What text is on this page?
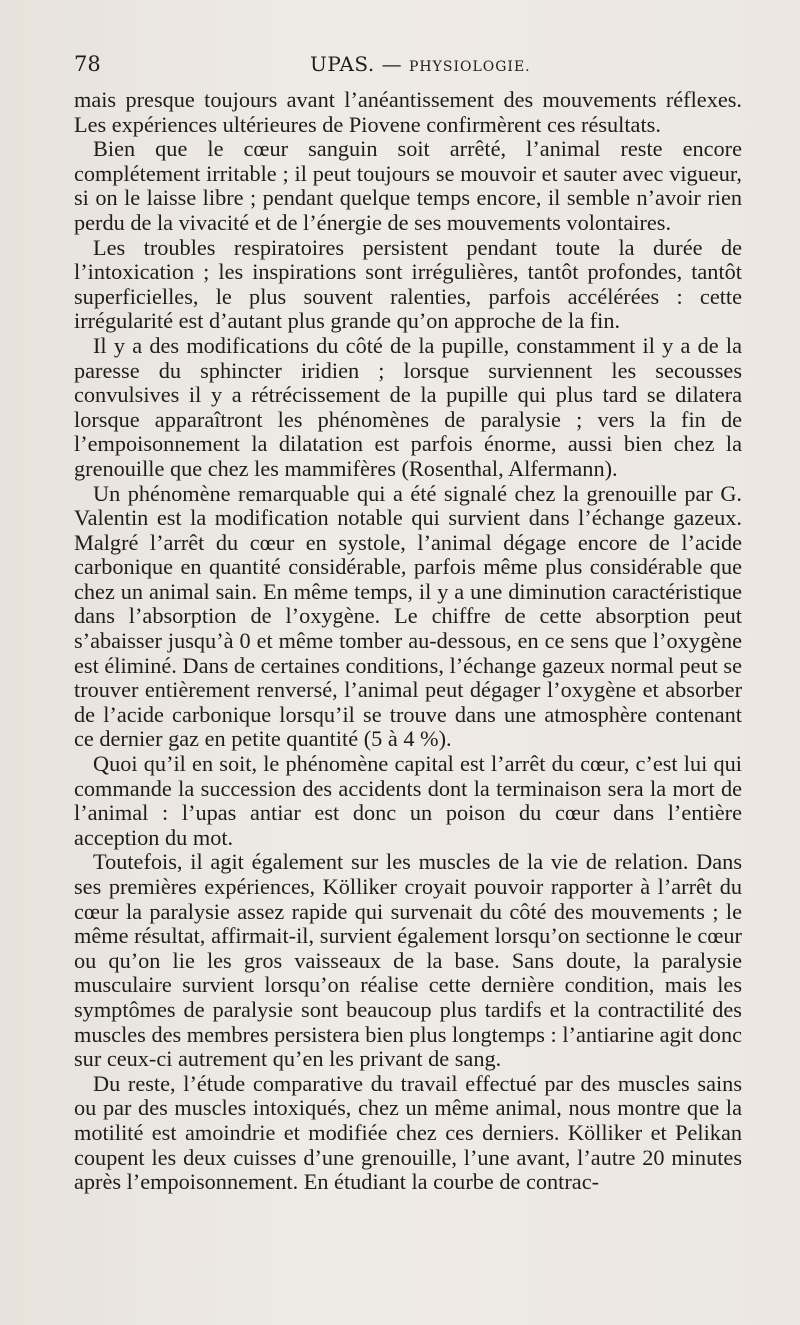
78	UPAS. — PHYSIOLOGIE.

mais presque toujours avant l’anéantissement des mouvements réflexes. Les expériences ultérieures de Piovene confirmèrent ces résultats.

Bien que le cœur sanguin soit arrêté, l’animal reste encore complétement irritable ; il peut toujours se mouvoir et sauter avec vigueur, si on le laisse libre ; pendant quelque temps encore, il semble n’avoir rien perdu de la vivacité et de l’énergie de ses mouvements volontaires.

Les troubles respiratoires persistent pendant toute la durée de l’intoxication ; les inspirations sont irrégulières, tantôt profondes, tantôt superficielles, le plus souvent ralenties, parfois accélérées : cette irrégularité est d’autant plus grande qu’on approche de la fin.

Il y a des modifications du côté de la pupille, constamment il y a de la paresse du sphincter iridien ; lorsque surviennent les secousses convulsives il y a rétrécissement de la pupille qui plus tard se dilatera lorsque apparaîtront les phénomènes de paralysie ; vers la fin de l’empoisonnement la dilatation est parfois énorme, aussi bien chez la grenouille que chez les mammifères (Rosenthal, Alfermann).

Un phénomène remarquable qui a été signalé chez la grenouille par G. Valentin est la modification notable qui survient dans l’échange gazeux. Malgré l’arrêt du cœur en systole, l’animal dégage encore de l’acide carbonique en quantité considérable, parfois même plus considérable que chez un animal sain. En même temps, il y a une diminution caractéristique dans l’absorption de l’oxygène. Le chiffre de cette absorption peut s’abaisser jusqu’à 0 et même tomber au-dessous, en ce sens que l’oxygène est éliminé. Dans de certaines conditions, l’échange gazeux normal peut se trouver entièrement renversé, l’animal peut dégager l’oxygène et absorber de l’acide carbonique lorsqu’il se trouve dans une atmosphère contenant ce dernier gaz en petite quantité (5 à 4 %).

Quoi qu’il en soit, le phénomène capital est l’arrêt du cœur, c’est lui qui commande la succession des accidents dont la terminaison sera la mort de l’animal : l’upas antiar est donc un poison du cœur dans l’entière acception du mot.

Toutefois, il agit également sur les muscles de la vie de relation. Dans ses premières expériences, Kölliker croyait pouvoir rapporter à l’arrêt du cœur la paralysie assez rapide qui survenait du côté des mouvements ; le même résultat, affirmait-il, survient également lorsqu’on sectionne le cœur ou qu’on lie les gros vaisseaux de la base. Sans doute, la paralysie musculaire survient lorsqu’on réalise cette dernière condition, mais les symptômes de paralysie sont beaucoup plus tardifs et la contractilité des muscles des membres persistera bien plus longtemps : l’antiarine agit donc sur ceux-ci autrement qu’en les privant de sang.

Du reste, l’étude comparative du travail effectué par des muscles sains ou par des muscles intoxiqués, chez un même animal, nous montre que la motilité est amoindrie et modifiée chez ces derniers. Kölliker et Pelikan coupent les deux cuisses d’une grenouille, l’une avant, l’autre 20 minutes après l’empoisonnement. En étudiant la courbe de contrac-
